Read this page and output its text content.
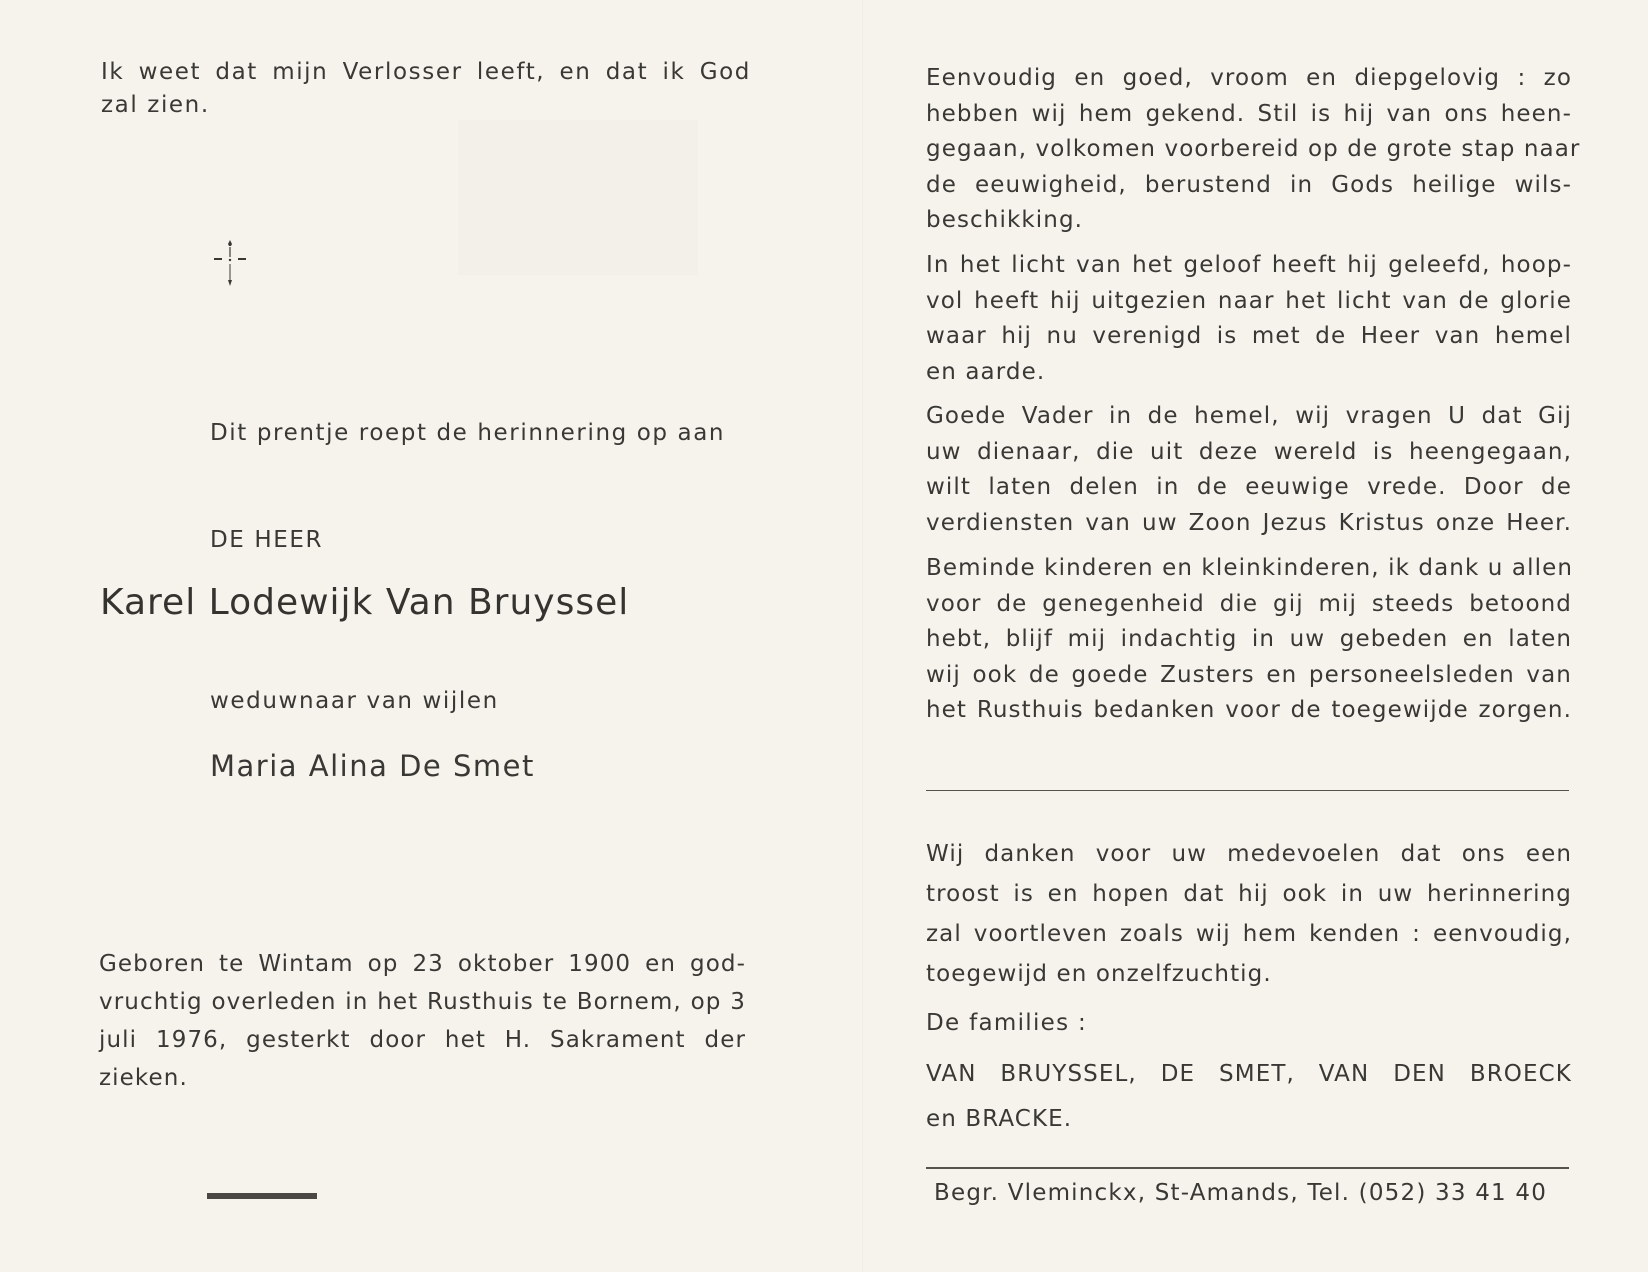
Ik weet dat mijn Verlosser leeft, en dat ik God
zal zien.

Dit prentje roept de herinnering op aan

DE HEER

Karel Lodewijk Van Bruyssel

weduwnaar van wijlen

Maria Alina De Smet

Geboren te Wintam op 23 oktober 1900 en god-
vruchtig overleden in het Rusthuis te Bornem, op 3
juli 1976, gesterkt door het H. Sakrament der
zieken.
Eenvoudig en goed, vroom en diepgelovig : zo
hebben wij hem gekend. Stil is hij van ons heen-
gegaan, volkomen voorbereid op de grote stap naar
de eeuwigheid, berustend in Gods heilige wils-
beschikking.
In het licht van het geloof heeft hij geleefd, hoop-
vol heeft hij uitgezien naar het licht van de glorie
waar hij nu verenigd is met de Heer van hemel
en aarde.
Goede Vader in de hemel, wij vragen U dat Gij
uw dienaar, die uit deze wereld is heengegaan,
wilt laten delen in de eeuwige vrede. Door de
verdiensten van uw Zoon Jezus Kristus onze Heer.
Beminde kinderen en kleinkinderen, ik dank u allen
voor de genegenheid die gij mij steeds betoond
hebt, blijf mij indachtig in uw gebeden en laten
wij ook de goede Zusters en personeelsleden van
het Rusthuis bedanken voor de toegewijde zorgen.
Wij danken voor uw medevoelen dat ons een
troost is en hopen dat hij ook in uw herinnering
zal voortleven zoals wij hem kenden : eenvoudig,
toegewijd en onzelfzuchtig.

De families :

VAN BRUYSSEL, DE SMET, VAN DEN BROECK
en BRACKE.

Begr. Vleminckx, St-Amands, Tel. (052) 33 41 40
